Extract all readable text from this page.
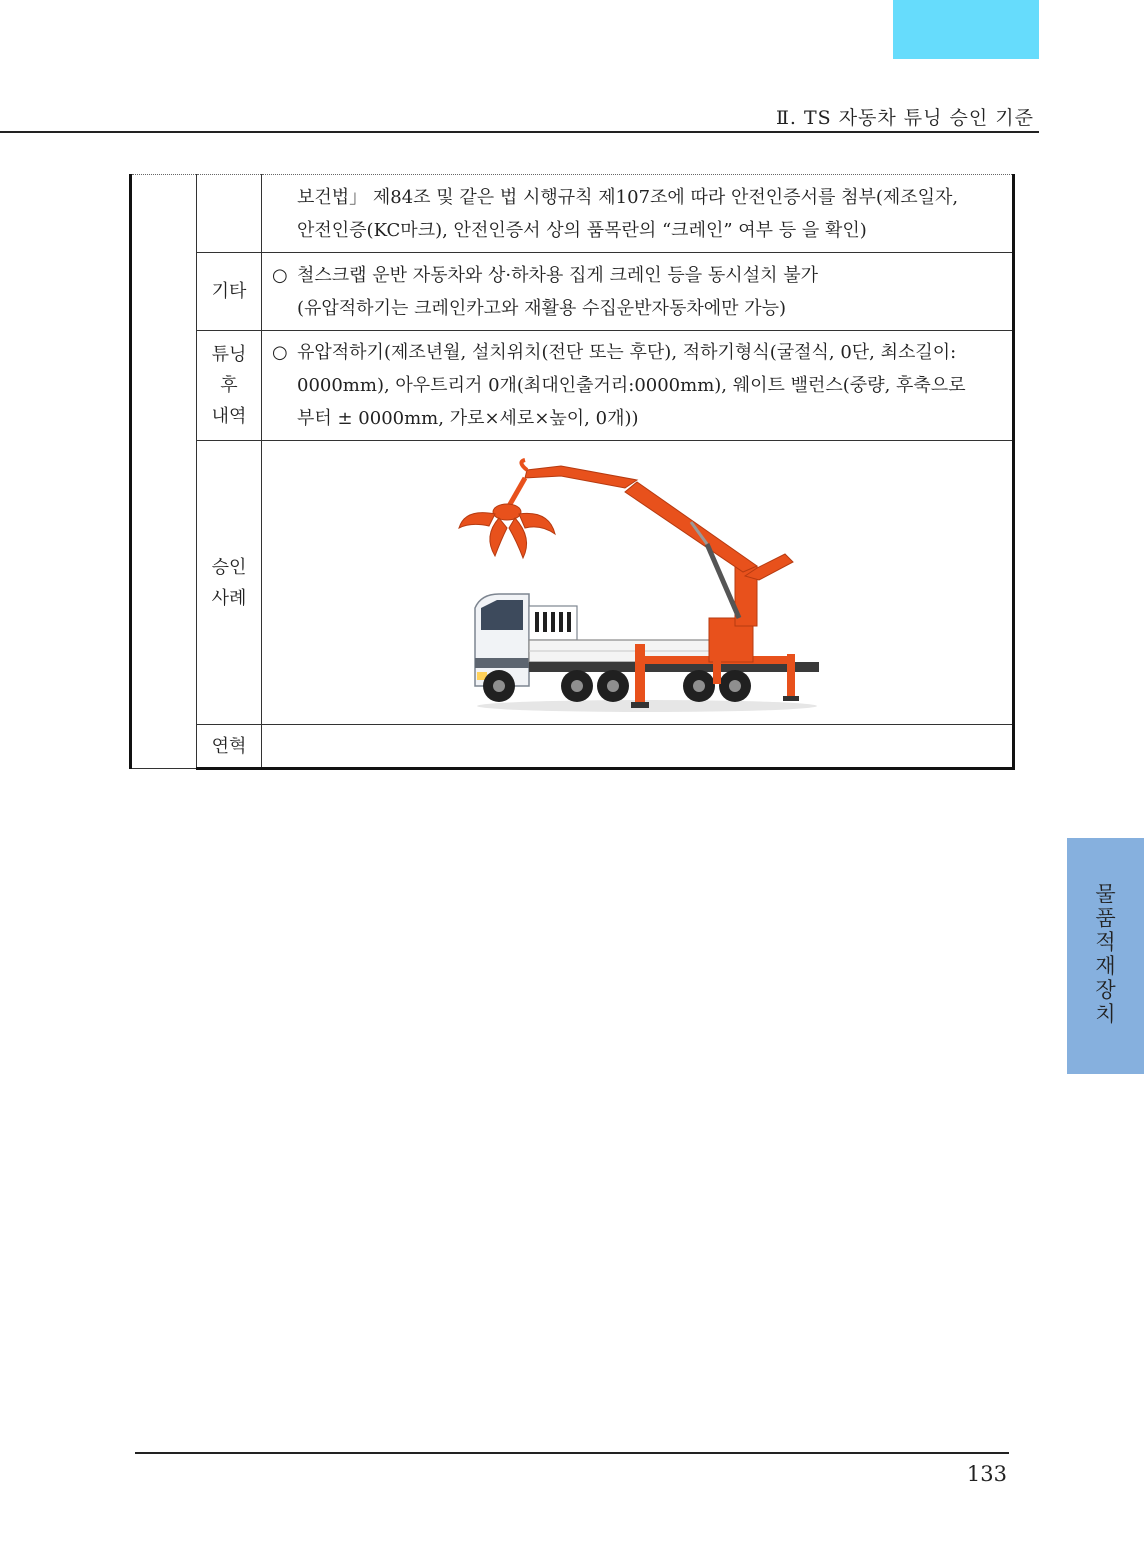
Ⅱ. TS 자동차 튜닝 승인 기준

		보건법」 제84조 및 같은 법 시행규칙 제107조에 따라 안전인증서를 첨부(제조일자,
안전인증(KC마크), 안전인증서 상의 품목란의 “크레인” 여부 등 을 확인)

	기타	○ 철스크랩 운반 자동차와 상·하차용 집게 크레인 등을 동시설치 불가
(유압적하기는 크레인카고와 재활용 수집운반자동차에만 가능)

	튜닝
후
내역	○ 유압적하기(제조년월, 설치위치(전단 또는 후단), 적하기형식(굴절식, 0단, 최소길이:
0000mm), 아우트리거 0개(최대인출거리:0000mm), 웨이트 밸런스(중량, 후축으로
부터 ± 0000mm, 가로×세로×높이, 0개))

	승인
사례

	연혁	

물
품
적
재
장
치
133
